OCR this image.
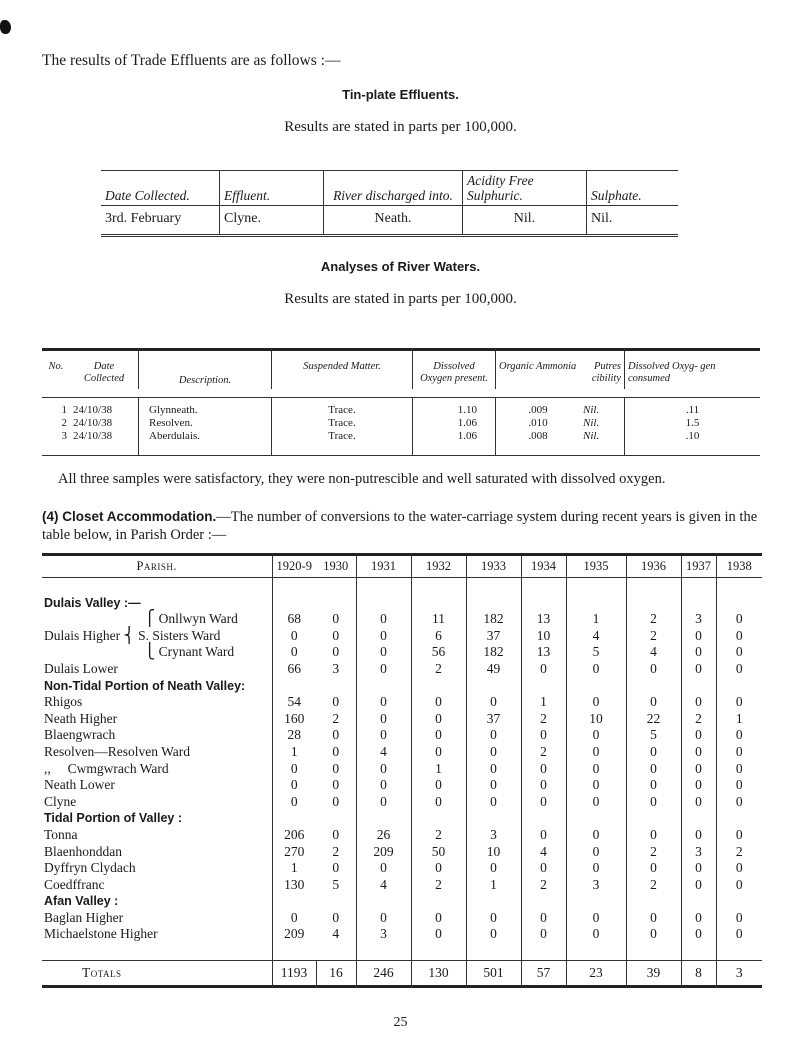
The results of Trade Effluents are as follows :—
Tin-plate Effluents.
Results are stated in parts per 100,000.
Date Collected.	Effluent.	River discharged into.	Acidity Free Sulphuric.	Sulphate.
3rd. February	Clyne.	Neath.	Nil.	Nil.
Analyses of River Waters.
Results are stated in parts per 100,000.
No.	Date Collected	Description.	Suspended Matter.	Dissolved Oxygen present.	Organic Ammonia	Putres cibility	Dissolved Oxyg- gen consumed

1	24/10/38	Glynneath.	Trace.	1.10	.009	Nil.	.11
2	24/10/38	Resolven.	Trace.	1.06	.010	Nil.	1.5
3	24/10/38	Aberdulais.	Trace.	1.06	.008	Nil.	.10
All three samples were satisfactory, they were non-putrescible and well saturated with dissolved oxygen.
(4) Closet Accommodation.—The number of conversions to the water-carriage system during recent years is given in the table below, in Parish Order :—
Parish.	1920-9	1930	1931	1932	1933	1934	1935	1936	1937	1938

Dulais Valley :—										
⎧ Onllwyn Ward	68	0	0	11	182	13	1	2	3	0
Dulais Higher ⎨ S. Sisters Ward	0	0	0	6	37	10	4	2	0	0
⎩ Crynant Ward	0	0	0	56	182	13	5	4	0	0
Dulais Lower	66	3	0	2	49	0	0	0	0	0
Non-Tidal Portion of Neath Valley:										
Rhigos	54	0	0	0	0	1	0	0	0	0
Neath Higher	160	2	0	0	37	2	10	22	2	1
Blaengwrach	28	0	0	0	0	0	0	5	0	0
Resolven—Resolven Ward	1	0	4	0	0	2	0	0	0	0
,,     Cwmgwrach Ward	0	0	0	1	0	0	0	0	0	0
Neath Lower	0	0	0	0	0	0	0	0	0	0
Clyne	0	0	0	0	0	0	0	0	0	0
Tidal Portion of Valley :										
Tonna	206	0	26	2	3	0	0	0	0	0
Blaenhonddan	270	2	209	50	10	4	0	2	3	2
Dyffryn Clydach	1	0	0	0	0	0	0	0	0	0
Coedffranc	130	5	4	2	1	2	3	2	0	0
Afan Valley :										
Baglan Higher	0	0	0	0	0	0	0	0	0	0
Michaelstone Higher	209	4	3	0	0	0	0	0	0	0

Totals	1193	16	246	130	501	57	23	39	8	3
25
